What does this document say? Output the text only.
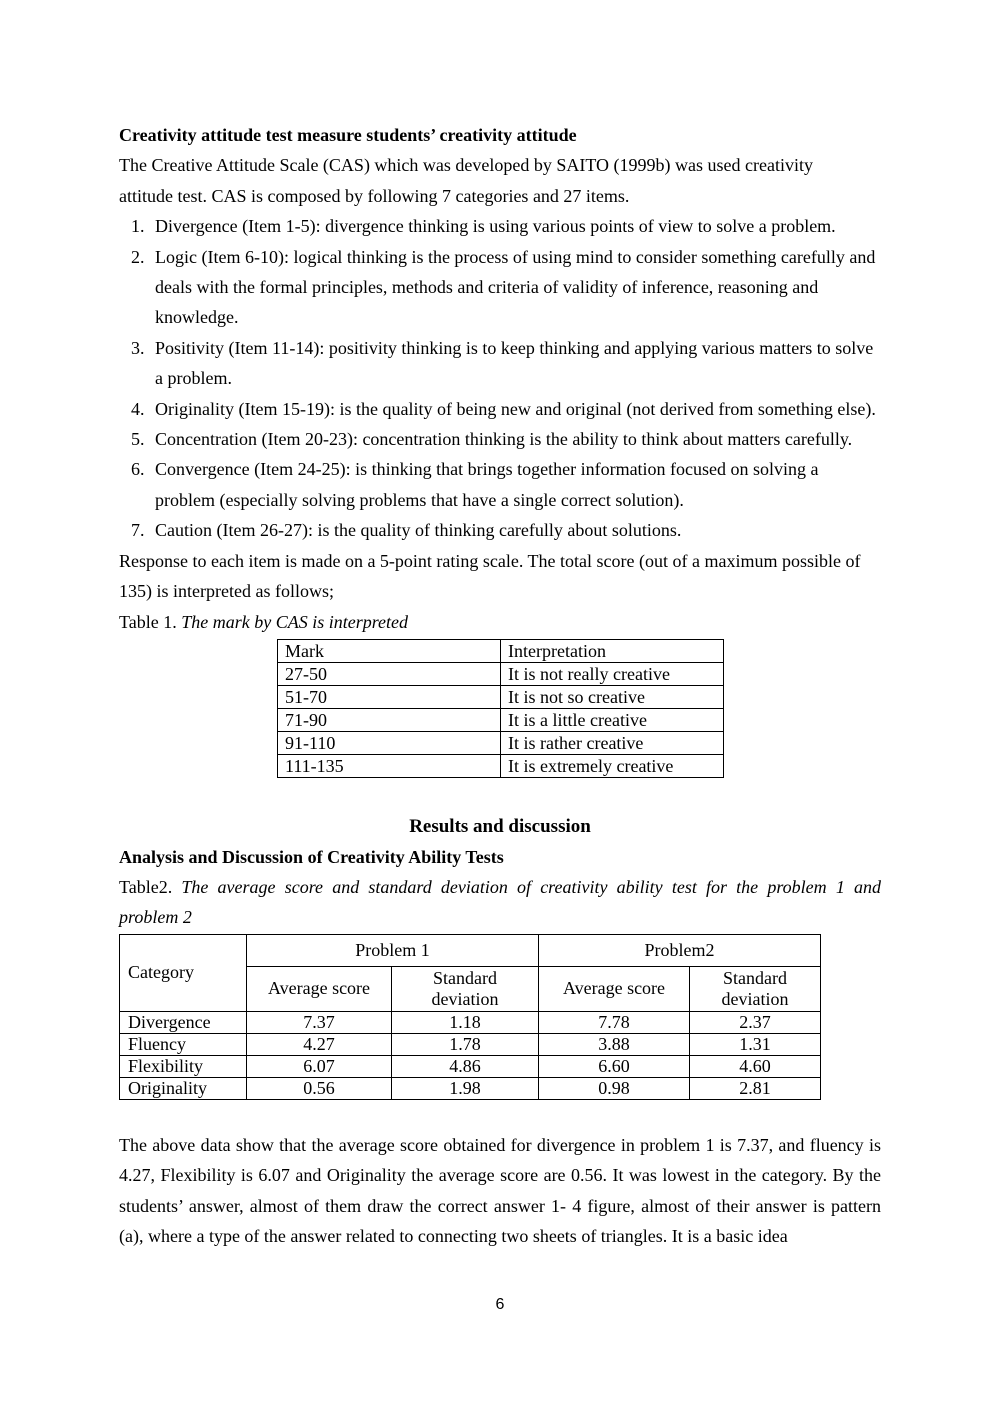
Creativity attitude test measure students’ creativity attitude

The Creative Attitude Scale (CAS) which was developed by SAITO (1999b) was used creativity

attitude test. CAS is composed by following 7 categories and 27 items.

1. Divergence (Item 1-5): divergence thinking is using various points of view to solve a problem.
2. Logic (Item 6-10): logical thinking is the process of using mind to consider something carefully and deals with the formal principles, methods and criteria of validity of inference, reasoning and knowledge.
3. Positivity (Item 11-14): positivity thinking is to keep thinking and applying various matters to solve a problem.
4. Originality (Item 15-19): is the quality of being new and original (not derived from something else).
5. Concentration (Item 20-23): concentration thinking is the ability to think about matters carefully.
6. Convergence (Item 24-25): is thinking that brings together information focused on solving a problem (especially solving problems that have a single correct solution).
7. Caution (Item 26-27): is the quality of thinking carefully about solutions.

Response to each item is made on a 5-point rating scale. The total score (out of a maximum possible of

135) is interpreted as follows;

Table 1. The mark by CAS is interpreted

Mark	Interpretation
27-50	It is not really creative
51-70	It is not so creative
71-90	It is a little creative
91-110	It is rather creative
111-135	It is extremely creative

Results and discussion

Analysis and Discussion of Creativity Ability Tests

Table2. The average score and standard deviation of creativity ability test for the problem 1 and

problem 2

Category	Problem 1		Problem2	
	Average score	Standard deviation	Average score	Standard deviation
Divergence	7.37	1.18	7.78	2.37
Fluency	4.27	1.78	3.88	1.31
Flexibility	6.07	4.86	6.60	4.60
Originality	0.56	1.98	0.98	2.81

The above data show that the average score obtained for divergence in problem 1 is 7.37, and fluency is 4.27, Flexibility is 6.07 and Originality the average score are 0.56. It was lowest in the category. By the students’ answer, almost of them draw the correct answer 1- 4 figure, almost of their answer is pattern (a), where a type of the answer related to connecting two sheets of triangles. It is a basic idea

6
